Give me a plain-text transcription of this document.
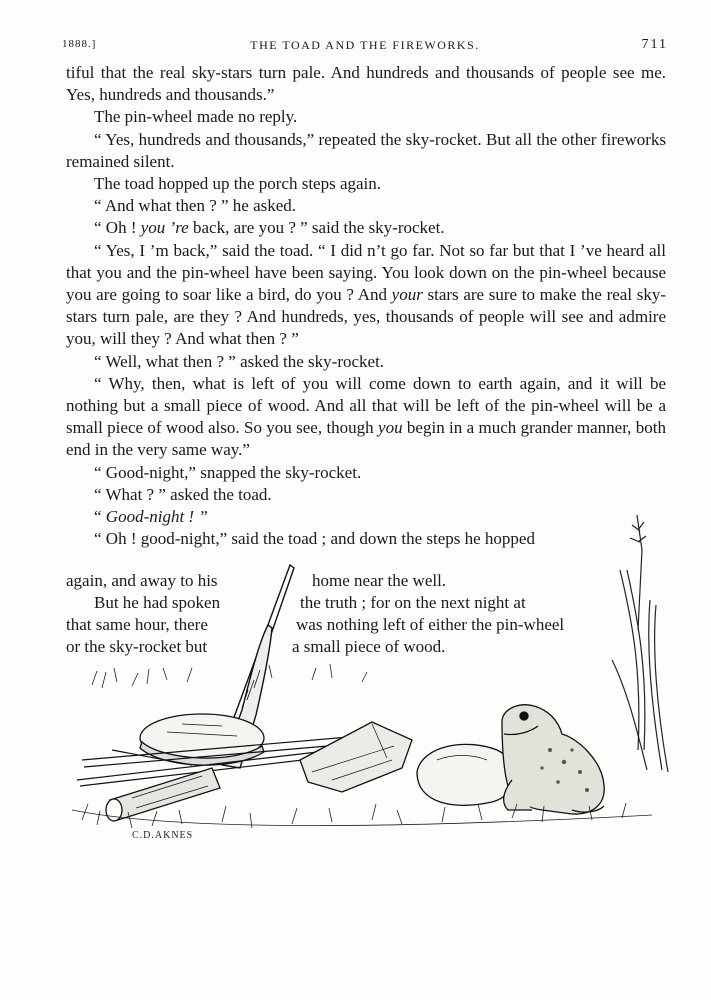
1888.]	THE TOAD AND THE FIREWORKS.	711

tiful that the real sky-stars turn pale. And hundreds and thousands of people see me. Yes, hundreds and thousands.”

The pin-wheel made no reply.

“ Yes, hundreds and thousands,” repeated the sky-rocket. But all the other fireworks remained silent.

The toad hopped up the porch steps again.

“ And what then ? ” he asked.

“ Oh ! you ’re back, are you ? ” said the sky-rocket.

“ Yes, I ’m back,” said the toad. “ I did n’t go far. Not so far but that I ’ve heard all that you and the pin-wheel have been saying. You look down on the pin-wheel because you are going to soar like a bird, do you ? And your stars are sure to make the real sky-stars turn pale, are they ? And hundreds, yes, thousands of people will see and admire you, will they ? And what then ? ”

“ Well, what then ? ” asked the sky-rocket.

“ Why, then, what is left of you will come down to earth again, and it will be nothing but a small piece of wood. And all that will be left of the pin-wheel will be a small piece of wood also. So you see, though you begin in a much grander manner, both end in the very same way.”

“ Good-night,” snapped the sky-rocket.

“ What ? ” asked the toad.

“ Good-night ! ”

“ Oh ! good-night,” said the toad ; and down the steps he hopped

again, and away to his	home near the well.
But he had spoken	the truth ; for on the next night at
that same hour, there	was nothing left of either the pin-wheel
or the sky-rocket but	a small piece of wood.
C.D.AKNES
